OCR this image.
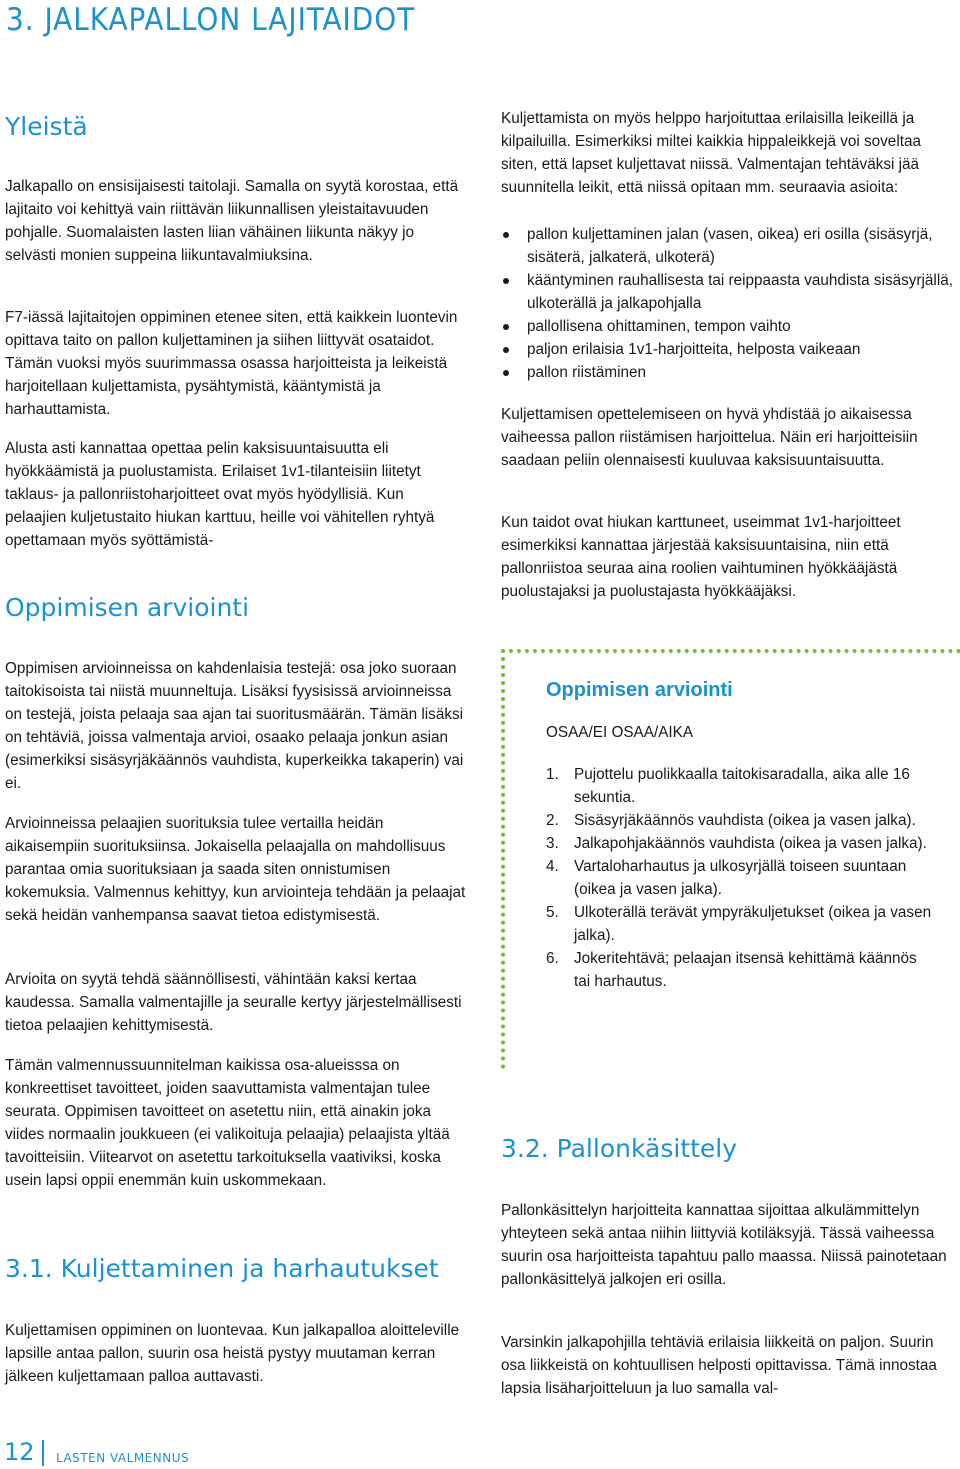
3. JALKAPALLON LAJITAIDOT
Yleistä

Jalkapallo on ensisijaisesti taitolaji. Samalla on syytä korostaa, että lajitaito voi kehittyä vain riittävän liikunnallisen yleistaitavuuden pohjalle. Suomalaisten lasten liian vähäinen liikunta näkyy jo selvästi monien suppeina liikuntavalmiuksina.

F7-iässä lajitaitojen oppiminen etenee siten, että kaikkein luontevin opittava taito on pallon kuljettaminen ja siihen liittyvät osataidot. Tämän vuoksi myös suurimmassa osassa harjoitteista ja leikeistä harjoitellaan kuljettamista, pysähtymistä, kääntymistä ja harhauttamista.

Alusta asti kannattaa opettaa pelin kaksisuuntaisuutta eli hyökkäämistä ja puolustamista. Erilaiset 1v1-tilanteisiin liitetyt taklaus- ja pallonriistoharjoitteet ovat myös hyödyllisiä. Kun pelaajien kuljetustaito hiukan karttuu, heille voi vähitellen ryhtyä opettamaan myös syöttämistä-

Oppimisen arviointi

Oppimisen arvioinneissa on kahdenlaisia testejä: osa joko suoraan taitokisoista tai niistä muunneltuja. Lisäksi fyysisissä arvioinneissa on testejä, joista pelaaja saa ajan tai suoritusmäärän. Tämän lisäksi on tehtäviä, joissa valmentaja arvioi, osaako pelaaja jonkun asian (esimerkiksi sisäsyrjäkäännös vauhdista, kuperkeikka takaperin) vai ei.

Arvioinneissa pelaajien suorituksia tulee vertailla heidän aikaisempiin suorituksiinsa. Jokaisella pelaajalla on mahdollisuus parantaa omia suorituksiaan ja saada siten onnistumisen kokemuksia. Valmennus kehittyy, kun arviointeja tehdään ja pelaajat sekä heidän vanhempansa saavat tietoa edistymisestä.

Arvioita on syytä tehdä säännöllisesti, vähintään kaksi kertaa kaudessa. Samalla valmentajille ja seuralle kertyy järjestelmällisesti tietoa pelaajien kehittymisestä.

Tämän valmennussuunnitelman kaikissa osa-alueisssa on konkreettiset tavoitteet, joiden saavuttamista valmentajan tulee seurata. Oppimisen tavoitteet on asetettu niin, että ainakin joka viides normaalin joukkueen (ei valikoituja pelaajia) pelaajista yltää tavoitteisiin. Viitearvot on asetettu tarkoituksella vaativiksi, koska usein lapsi oppii enemmän kuin uskommekaan.

3.1. Kuljettaminen ja harhautukset

Kuljettamisen oppiminen on luontevaa. Kun jalkapalloa aloitteleville lapsille antaa pallon, suurin osa heistä pystyy muutaman kerran jälkeen kuljettamaan palloa auttavasti.

Kuljettamista on myös helppo harjoituttaa erilaisilla leikeillä ja kilpailuilla. Esimerkiksi miltei kaikkia hippaleikkejä voi soveltaa siten, että lapset kuljettavat niissä. Valmentajan tehtäväksi jää suunnitella leikit, että niissä opitaan mm. seuraavia asioita:

pallon kuljettaminen jalan (vasen, oikea) eri osilla (sisäsyrjä, sisäterä, jalkaterä, ulkoterä)
kääntyminen rauhallisesta tai reippaasta vauhdista sisäsyrjällä, ulkoterällä ja jalkapohjalla
pallollisena ohittaminen, tempon vaihto
paljon erilaisia 1v1-harjoitteita, helposta vaikeaan
pallon riistäminen

Kuljettamisen opettelemiseen on hyvä yhdistää jo aikaisessa vaiheessa pallon riistämisen harjoittelua. Näin eri harjoitteisiin saadaan peliin olennaisesti kuuluvaa kaksisuuntaisuutta.

Kun taidot ovat hiukan karttuneet, useimmat 1v1-harjoitteet esimerkiksi kannattaa järjestää kaksisuuntaisina, niin että pallonriistoa seuraa aina roolien vaihtuminen hyökkääjästä puolustajaksi ja puolustajasta hyökkääjäksi.

Oppimisen arviointi

OSAA/EI OSAA/AIKA

1. Pujottelu puolikkaalla taitokisaradalla, aika alle 16 sekuntia.
2. Sisäsyrjäkäännös vauhdista (oikea ja vasen jalka).
3. Jalkapohjakäännös vauhdista (oikea ja vasen jalka).
4. Vartaloharhautus ja ulkosyrjällä toiseen suuntaan (oikea ja vasen jalka).
5. Ulkoterällä terävät ympyräkuljetukset (oikea ja vasen jalka).
6. Jokeritehtävä; pelaajan itsensä kehittämä käännös tai harhautus.
3.2. Pallonkäsittely

Pallonkäsittelyn harjoitteita kannattaa sijoittaa alkulämmittelyn yhteyteen sekä antaa niihin liittyviä kotiläksyjä. Tässä vaiheessa suurin osa harjoitteista tapahtuu pallo maassa. Niissä painotetaan pallonkäsittelyä jalkojen eri osilla.

Varsinkin jalkapohjilla tehtäviä erilaisia liikkeitä on paljon. Suurin osa liikkeistä on kohtuullisen helposti opittavissa. Tämä innostaa lapsia lisäharjoitteluun ja luo samalla val-

12 LASTEN VALMENNUS
